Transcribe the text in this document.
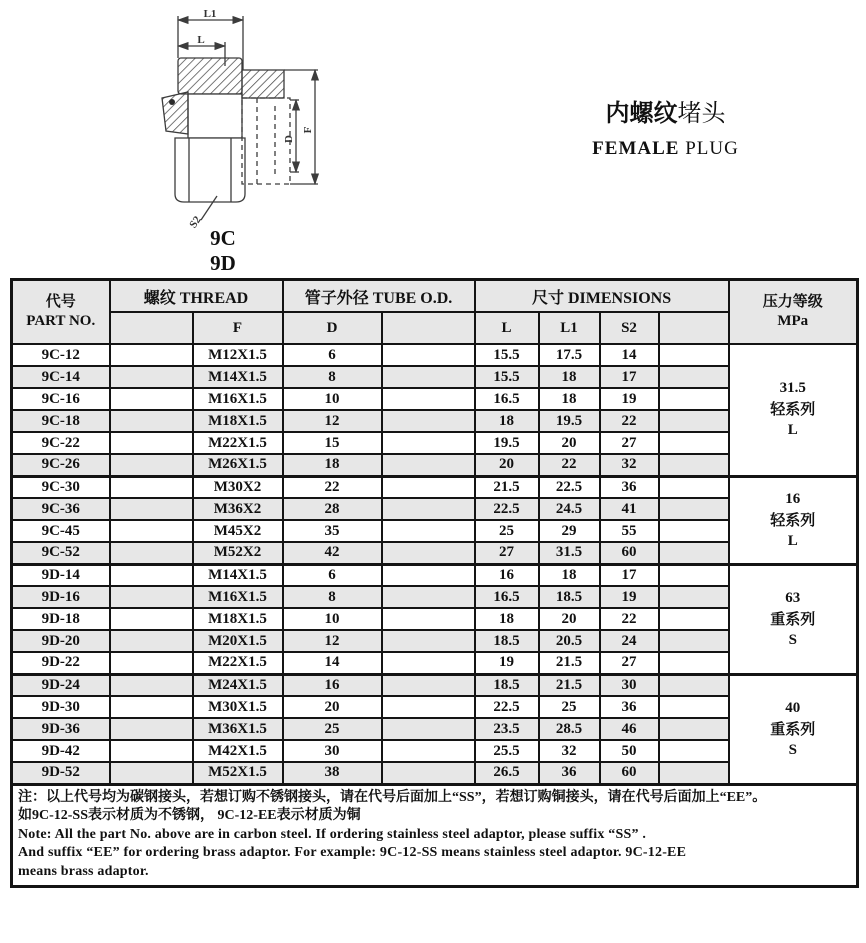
L1
L
D
F
S2
9C
9D
内螺纹堵头
FEMALE PLUG
代号
PART NO.
	螺纹 THREAD	管子外径 TUBE O.D.	尺寸 DIMENSIONS	压力等级
MPa

		F	D		L	L1	S2		
9C-12		M12X1.5	6		15.5	17.5	14		31.5
轻系列
L

9C-14		M14X1.5	8		15.5	18	17		
9C-16		M16X1.5	10		16.5	18	19		
9C-18		M18X1.5	12		18	19.5	22		
9C-22		M22X1.5	15		19.5	20	27		
9C-26		M26X1.5	18		20	22	32		
9C-30		M30X2	22		21.5	22.5	36		16
轻系列
L

9C-36		M36X2	28		22.5	24.5	41		
9C-45		M45X2	35		25	29	55		
9C-52		M52X2	42		27	31.5	60		
9D-14		M14X1.5	6		16	18	17		63
重系列
S

9D-16		M16X1.5	8		16.5	18.5	19		
9D-18		M18X1.5	10		18	20	22		
9D-20		M20X1.5	12		18.5	20.5	24		
9D-22		M22X1.5	14		19	21.5	27		
9D-24		M24X1.5	16		18.5	21.5	30		40
重系列
S

9D-30		M30X1.5	20		22.5	25	36		
9D-36		M36X1.5	25		23.5	28.5	46		
9D-42		M42X1.5	30		25.5	32	50		
9D-52		M52X1.5	38		26.5	36	60		

注：以上代号均为碳钢接头，若想订购不锈钢接头，请在代号后面加上“SS”，若想订购铜接头，请在代号后面加上“EE”。
如9C-12-SS表示材质为不锈钢， 9C-12-EE表示材质为铜
Note: All the part No. above are in carbon steel. If ordering stainless steel adaptor, please suffix “SS” .
And suffix “EE” for ordering brass adaptor. For example: 9C-12-SS means stainless steel adaptor. 9C-12-EE
means brass adaptor.									
